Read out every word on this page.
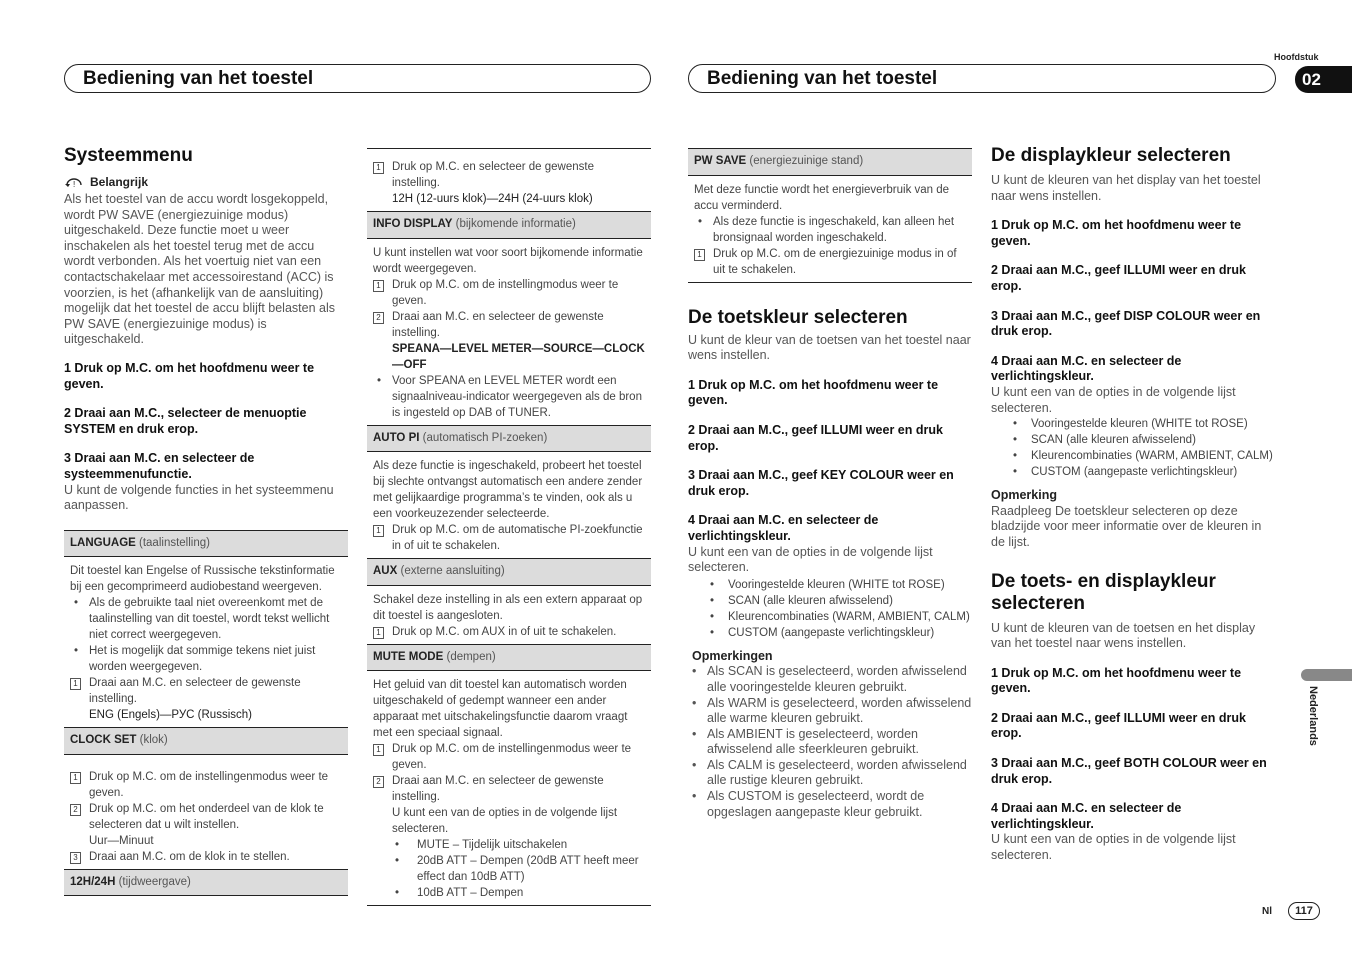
Bediening van het toestel	Bediening van het toestel
Hoofdstuk
02
Nederlands
Nl	117
Systeemmenu
! Belangrijk

Als het toestel van de accu wordt losgekoppeld, wordt PW SAVE (energiezuinige modus) uitgeschakeld. Deze functie moet u weer inschakelen als het toestel terug met de accu wordt verbonden. Als het voertuig niet van een contactschakelaar met accessoirestand (ACC) is voorzien, is het (afhankelijk van de aansluiting) mogelijk dat het toestel de accu blijft belasten als PW SAVE (energiezuinige modus) is uitgeschakeld.

1 Druk op M.C. om het hoofdmenu weer te geven.

2 Draai aan M.C., selecteer de menuoptie SYSTEM en druk erop.

3 Draai aan M.C. en selecteer de systeemmenufunctie.

U kunt de volgende functies in het systeemmenu aanpassen.

LANGUAGE (taalinstelling)

Dit toestel kan Engelse of Russische tekstinformatie bij een gecomprimeerd audiobestand weergeven.

• Als de gebruikte taal niet overeenkomt met de taalinstelling van dit toestel, wordt tekst wellicht niet correct weergegeven.

• Het is mogelijk dat sommige tekens niet juist worden weergegeven.

1 Draai aan M.C. en selecteer de gewenste instelling.

ENG (Engels)—РУС (Russisch)

CLOCK SET (klok)

1 Druk op M.C. om de instellingenmodus weer te geven.

2 Druk op M.C. om het onderdeel van de klok te selecteren dat u wilt instellen.

Uur—Minuut

3 Draai aan M.C. om de klok in te stellen.

12H/24H (tijdweergave)

1 Druk op M.C. en selecteer de gewenste instelling.

12H (12-uurs klok)—24H (24-uurs klok)

INFO DISPLAY (bijkomende informatie)

U kunt instellen wat voor soort bijkomende informatie wordt weergegeven.

1 Druk op M.C. om de instellingmodus weer te geven.

2 Draai aan M.C. en selecteer de gewenste instelling.

SPEANA—LEVEL METER—SOURCE—CLOCK—OFF

• Voor SPEANA en LEVEL METER wordt een signaalniveau-indicator weergegeven als de bron is ingesteld op DAB of TUNER.

AUTO PI (automatisch PI-zoeken)

Als deze functie is ingeschakeld, probeert het toestel bij slechte ontvangst automatisch een andere zender met gelijkaardige programma’s te vinden, ook als u een voorkeuzezender selecteerde.

1 Druk op M.C. om de automatische PI-zoekfunctie in of uit te schakelen.

AUX (externe aansluiting)

Schakel deze instelling in als een extern apparaat op dit toestel is aangesloten.

1 Druk op M.C. om AUX in of uit te schakelen.

MUTE MODE (dempen)

Het geluid van dit toestel kan automatisch worden uitgeschakeld of gedempt wanneer een ander apparaat met uitschakelingsfunctie daarom vraagt met een speciaal signaal.

1 Druk op M.C. om de instellingenmodus weer te geven.

2 Draai aan M.C. en selecteer de gewenste instelling.

U kunt een van de opties in de volgende lijst selecteren.

• MUTE – Tijdelijk uitschakelen

• 20dB ATT – Dempen (20dB ATT heeft meer effect dan 10dB ATT)

• 10dB ATT – Dempen

PW SAVE (energiezuinige stand)

Met deze functie wordt het energieverbruik van de accu verminderd.

• Als deze functie is ingeschakeld, kan alleen het bronsignaal worden ingeschakeld.

1 Druk op M.C. om de energiezuinige modus in of uit te schakelen.

De toetskleur selecteren

U kunt de kleur van de toetsen van het toestel naar wens instellen.

1 Druk op M.C. om het hoofdmenu weer te geven.

2 Draai aan M.C., geef ILLUMI weer en druk erop.

3 Draai aan M.C., geef KEY COLOUR weer en druk erop.

4 Draai aan M.C. en selecteer de verlichtingskleur.

U kunt een van de opties in de volgende lijst selecteren.

• Vooringestelde kleuren (WHITE tot ROSE)

• SCAN (alle kleuren afwisselend)

• Kleurencombinaties (WARM, AMBIENT, CALM)

• CUSTOM (aangepaste verlichtingskleur)

Opmerkingen

• Als SCAN is geselecteerd, worden afwisselend alle vooringestelde kleuren gebruikt.

• Als WARM is geselecteerd, worden afwisselend alle warme kleuren gebruikt.

• Als AMBIENT is geselecteerd, worden afwisselend alle sfeerkleuren gebruikt.

• Als CALM is geselecteerd, worden afwisselend alle rustige kleuren gebruikt.

• Als CUSTOM is geselecteerd, wordt de opgeslagen aangepaste kleur gebruikt.

De displaykleur selecteren

U kunt de kleuren van het display van het toestel naar wens instellen.

1 Druk op M.C. om het hoofdmenu weer te geven.

2 Draai aan M.C., geef ILLUMI weer en druk erop.

3 Draai aan M.C., geef DISP COLOUR weer en druk erop.

4 Draai aan M.C. en selecteer de verlichtingskleur.

U kunt een van de opties in de volgende lijst selecteren.

• Vooringestelde kleuren (WHITE tot ROSE)

• SCAN (alle kleuren afwisselend)

• Kleurencombinaties (WARM, AMBIENT, CALM)

• CUSTOM (aangepaste verlichtingskleur)

Opmerking

Raadpleeg De toetskleur selecteren op deze bladzijde voor meer informatie over de kleuren in de lijst.

De toets- en displaykleur selecteren

U kunt de kleuren van de toetsen en het display van het toestel naar wens instellen.

1 Druk op M.C. om het hoofdmenu weer te geven.

2 Draai aan M.C., geef ILLUMI weer en druk erop.

3 Draai aan M.C., geef BOTH COLOUR weer en druk erop.

4 Draai aan M.C. en selecteer de verlichtingskleur.

U kunt een van de opties in de volgende lijst selecteren.
